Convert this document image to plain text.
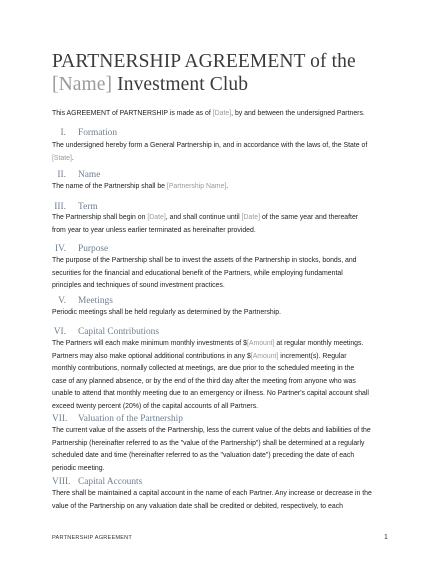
PARTNERSHIP AGREEMENT of the
[Name] Investment Club
This AGREEMENT of PARTNERSHIP is made as of [Date], by and between the undersigned Partners.
I. Formation
The undersigned hereby form a General Partnership in, and in accordance with the laws of, the State of
[State].
II. Name
The name of the Partnership shall be [Partnership Name].
III. Term
The Partnership shall begin on [Date], and shall continue until [Date] of the same year and thereafter
from year to year unless earlier terminated as hereinafter provided.
IV. Purpose
The purpose of the Partnership shall be to invest the assets of the Partnership in stocks, bonds, and
securities for the financial and educational benefit of the Partners, while employing fundamental
principles and techniques of sound investment practices.
V. Meetings
Periodic meetings shall be held regularly as determined by the Partnership.
VI. Capital Contributions
The Partners will each make minimum monthly investments of $[Amount] at regular monthly meetings.
Partners may also make optional additional contributions in any $[Amount] increment(s). Regular
monthly contributions, normally collected at meetings, are due prior to the scheduled meeting in the
case of any planned absence, or by the end of the third day after the meeting from anyone who was
unable to attend that monthly meeting due to an emergency or illness. No Partner's capital account shall
exceed twenty percent (20%) of the capital accounts of all Partners.
VII. Valuation of the Partnership
The current value of the assets of the Partnership, less the current value of the debts and liabilities of the
Partnership (hereinafter referred to as the "value of the Partnership") shall be determined at a regularly
scheduled date and time (hereinafter referred to as the "valuation date") preceding the date of each
periodic meeting.
VIII. Capital Accounts
There shall be maintained a capital account in the name of each Partner. Any increase or decrease in the
value of the Partnership on any valuation date shall be credited or debited, respectively, to each
PARTNERSHIP AGREEMENT	1
